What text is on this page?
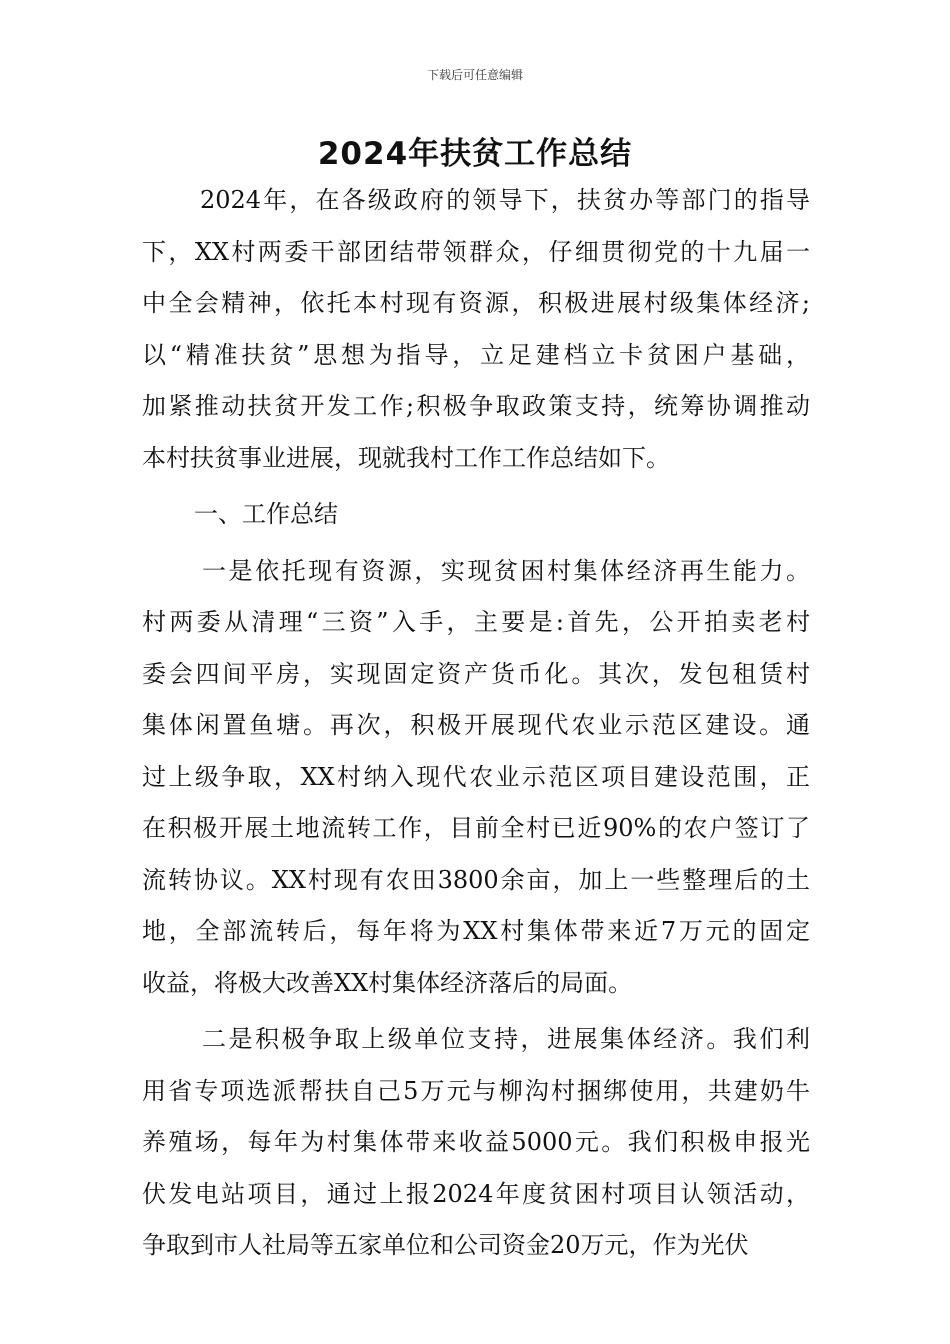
下载后可任意编辑
2024年扶贫工作总结
2024年，在各级政府的领导下，扶贫办等部门的指导
下，XX村两委干部团结带领群众，仔细贯彻党的十九届一
中全会精神，依托本村现有资源，积极进展村级集体经济;
以“精准扶贫”思想为指导，立足建档立卡贫困户基础，
加紧推动扶贫开发工作;积极争取政策支持，统筹协调推动
本村扶贫事业进展，现就我村工作工作总结如下。
一、工作总结
一是依托现有资源，实现贫困村集体经济再生能力。
村两委从清理“三资”入手，主要是:首先，公开拍卖老村
委会四间平房，实现固定资产货币化。其次，发包租赁村
集体闲置鱼塘。再次，积极开展现代农业示范区建设。通
过上级争取，XX村纳入现代农业示范区项目建设范围，正
在积极开展土地流转工作，目前全村已近90%的农户签订了
流转协议。XX村现有农田3800余亩，加上一些整理后的土
地，全部流转后，每年将为XX村集体带来近7万元的固定
收益，将极大改善XX村集体经济落后的局面。
二是积极争取上级单位支持，进展集体经济。我们利
用省专项选派帮扶自己5万元与柳沟村捆绑使用，共建奶牛
养殖场，每年为村集体带来收益5000元。我们积极申报光
伏发电站项目，通过上报2024年度贫困村项目认领活动，
争取到市人社局等五家单位和公司资金20万元，作为光伏
